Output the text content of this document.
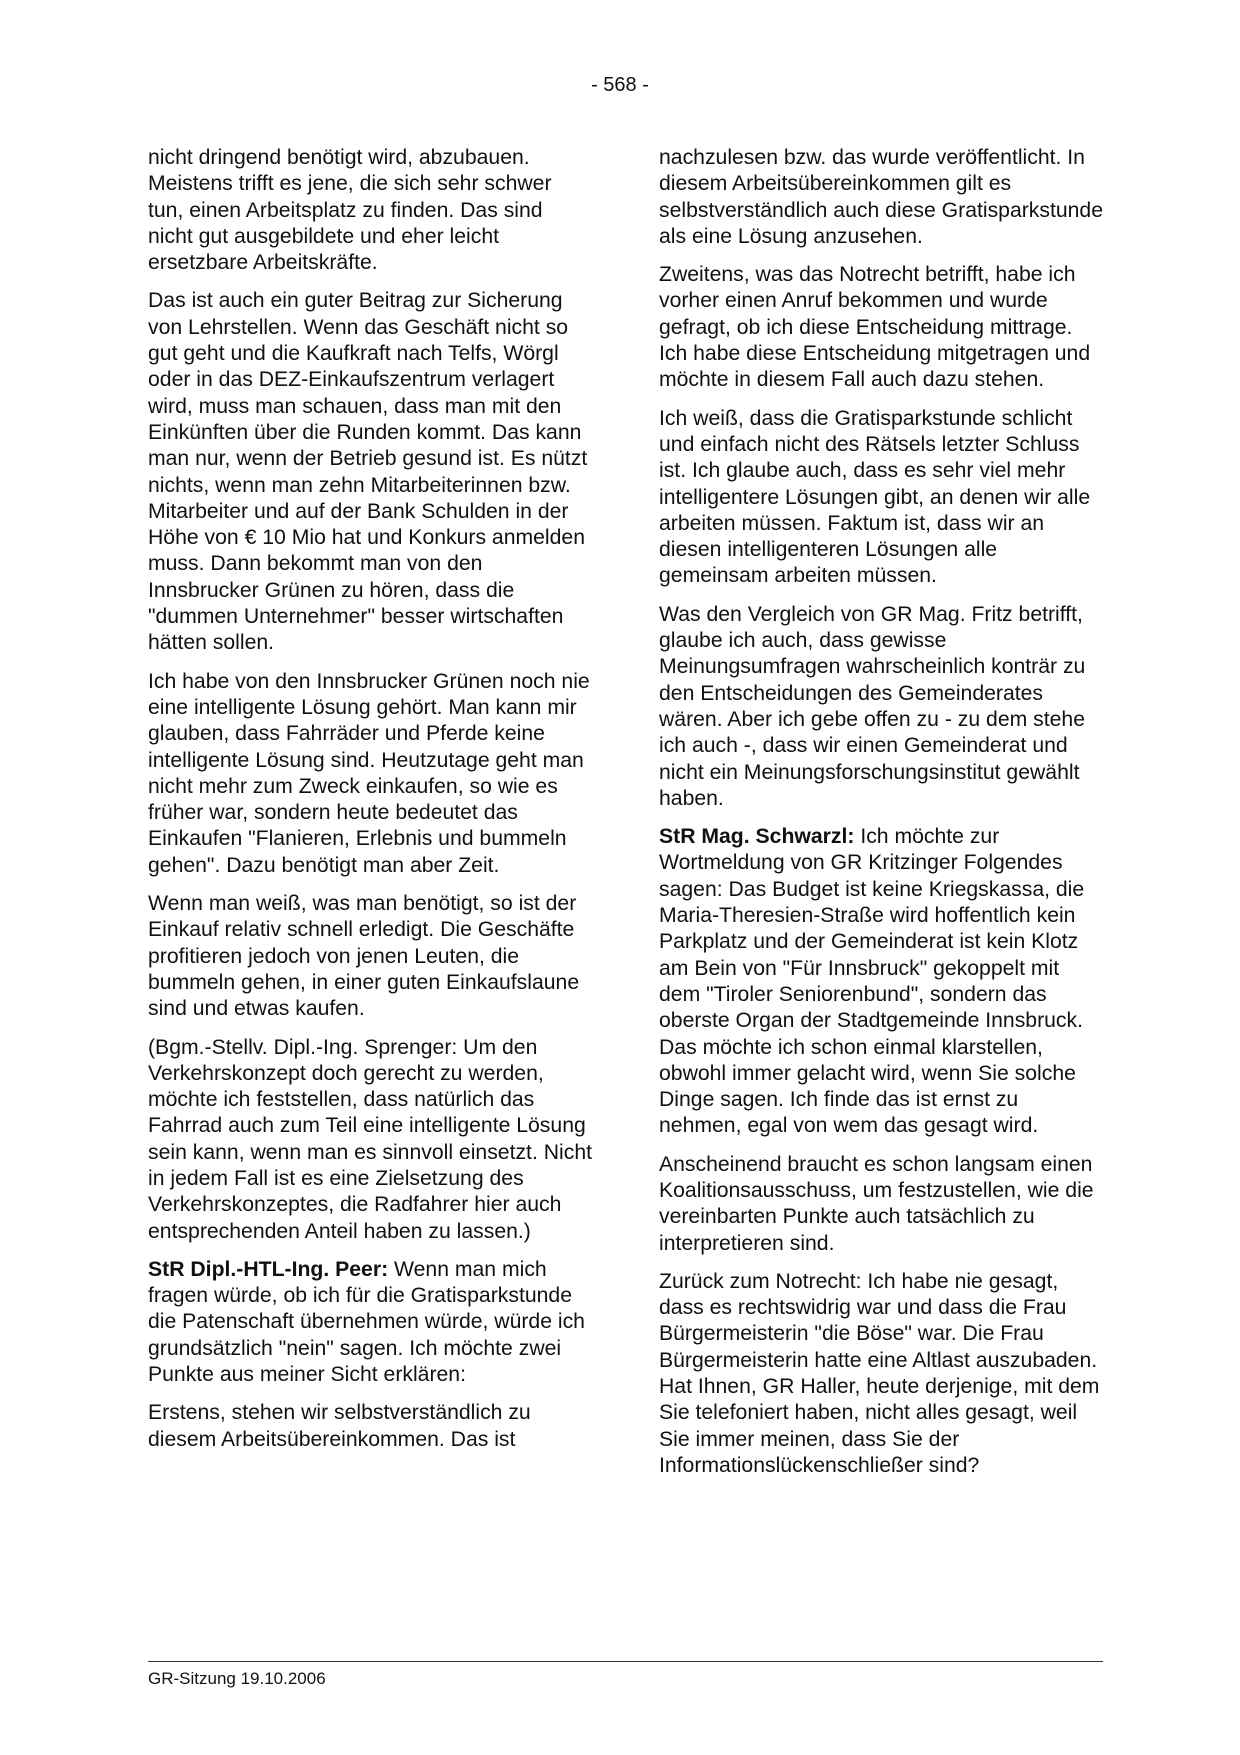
- 568 -

nicht dringend benötigt wird, abzubauen. Meistens trifft es jene, die sich sehr schwer tun, einen Arbeitsplatz zu finden. Das sind nicht gut ausgebildete und eher leicht ersetzbare Arbeitskräfte.

Das ist auch ein guter Beitrag zur Sicherung von Lehrstellen. Wenn das Geschäft nicht so gut geht und die Kaufkraft nach Telfs, Wörgl oder in das DEZ-Einkaufszentrum verlagert wird, muss man schauen, dass man mit den Einkünften über die Runden kommt. Das kann man nur, wenn der Betrieb gesund ist. Es nützt nichts, wenn man zehn Mitarbeiterinnen bzw. Mitarbeiter und auf der Bank Schulden in der Höhe von € 10 Mio hat und Konkurs anmelden muss. Dann bekommt man von den Innsbrucker Grünen zu hören, dass die "dummen Unternehmer" besser wirtschaften hätten sollen.

Ich habe von den Innsbrucker Grünen noch nie eine intelligente Lösung gehört. Man kann mir glauben, dass Fahrräder und Pferde keine intelligente Lösung sind. Heutzutage geht man nicht mehr zum Zweck einkaufen, so wie es früher war, sondern heute bedeutet das Einkaufen "Flanieren, Erlebnis und bummeln gehen". Dazu benötigt man aber Zeit.

Wenn man weiß, was man benötigt, so ist der Einkauf relativ schnell erledigt. Die Geschäfte profitieren jedoch von jenen Leuten, die bummeln gehen, in einer guten Einkaufslaune sind und etwas kaufen.

(Bgm.-Stellv. Dipl.-Ing. Sprenger: Um den Verkehrskonzept doch gerecht zu werden, möchte ich feststellen, dass natürlich das Fahrrad auch zum Teil eine intelligente Lösung sein kann, wenn man es sinnvoll einsetzt. Nicht in jedem Fall ist es eine Zielsetzung des Verkehrskonzeptes, die Radfahrer hier auch entsprechenden Anteil haben zu lassen.)

StR Dipl.-HTL-Ing. Peer: Wenn man mich fragen würde, ob ich für die Gratisparkstunde die Patenschaft übernehmen würde, würde ich grundsätzlich "nein" sagen. Ich möchte zwei Punkte aus meiner Sicht erklären:

Erstens, stehen wir selbstverständlich zu diesem Arbeitsübereinkommen. Das ist

nachzulesen bzw. das wurde veröffentlicht. In diesem Arbeitsübereinkommen gilt es selbstverständlich auch diese Gratisparkstunde als eine Lösung anzusehen.

Zweitens, was das Notrecht betrifft, habe ich vorher einen Anruf bekommen und wurde gefragt, ob ich diese Entscheidung mittrage. Ich habe diese Entscheidung mitgetragen und möchte in diesem Fall auch dazu stehen.

Ich weiß, dass die Gratisparkstunde schlicht und einfach nicht des Rätsels letzter Schluss ist. Ich glaube auch, dass es sehr viel mehr intelligentere Lösungen gibt, an denen wir alle arbeiten müssen. Faktum ist, dass wir an diesen intelligenteren Lösungen alle gemeinsam arbeiten müssen.

Was den Vergleich von GR Mag. Fritz betrifft, glaube ich auch, dass gewisse Meinungsumfragen wahrscheinlich konträr zu den Entscheidungen des Gemeinderates wären. Aber ich gebe offen zu - zu dem stehe ich auch -, dass wir einen Gemeinderat und nicht ein Meinungsforschungsinstitut gewählt haben.

StR Mag. Schwarzl: Ich möchte zur Wortmeldung von GR Kritzinger Folgendes sagen: Das Budget ist keine Kriegskassa, die Maria-Theresien-Straße wird hoffentlich kein Parkplatz und der Gemeinderat ist kein Klotz am Bein von "Für Innsbruck" gekoppelt mit dem "Tiroler Seniorenbund", sondern das oberste Organ der Stadtgemeinde Innsbruck. Das möchte ich schon einmal klarstellen, obwohl immer gelacht wird, wenn Sie solche Dinge sagen. Ich finde das ist ernst zu nehmen, egal von wem das gesagt wird.

Anscheinend braucht es schon langsam einen Koalitionsausschuss, um festzustellen, wie die vereinbarten Punkte auch tatsächlich zu interpretieren sind.

Zurück zum Notrecht: Ich habe nie gesagt, dass es rechtswidrig war und dass die Frau Bürgermeisterin "die Böse" war. Die Frau Bürgermeisterin hatte eine Altlast auszubaden. Hat Ihnen, GR Haller, heute derjenige, mit dem Sie telefoniert haben, nicht alles gesagt, weil Sie immer meinen, dass Sie der Informationslückenschließer sind?

GR-Sitzung 19.10.2006
